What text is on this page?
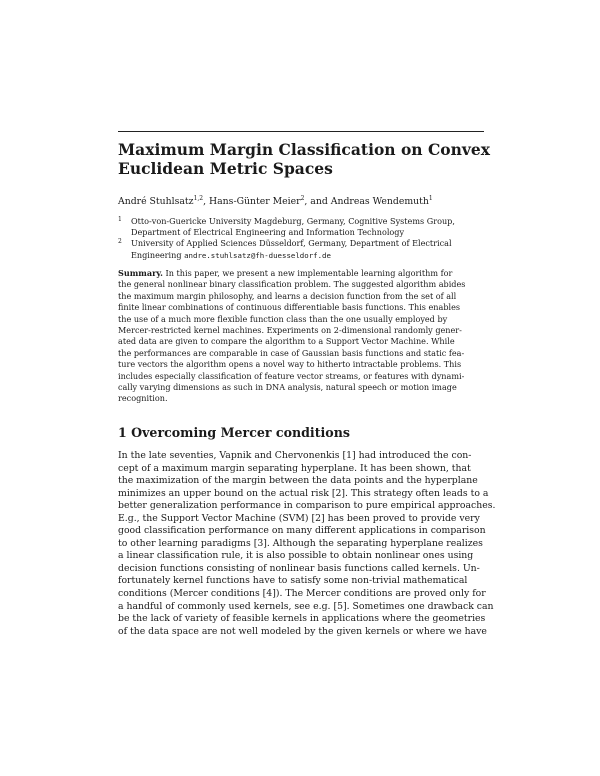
Maximum Margin Classification on Convex
Euclidean Metric Spaces
André Stuhlsatz$^{1,2}$, Hans-Günter Meier$^2$, and Andreas Wendemuth$^1$
1 Otto-von-Guericke University Magdeburg, Germany, Cognitive Systems Group,
Department of Electrical Engineering and Information Technology
2 University of Applied Sciences Düsseldorf, Germany, Department of Electrical
Engineering andre.stuhlsatz@fh-duesseldorf.de
Summary. In this paper, we present a new implementable learning algorithm for
the general nonlinear binary classification problem. The suggested algorithm abides
the maximum margin philosophy, and learns a decision function from the set of all
finite linear combinations of continuous differentiable basis functions. This enables
the use of a much more flexible function class than the one usually employed by
Mercer-restricted kernel machines. Experiments on 2-dimensional randomly gener-
ated data are given to compare the algorithm to a Support Vector Machine. While
the performances are comparable in case of Gaussian basis functions and static fea-
ture vectors the algorithm opens a novel way to hitherto intractable problems. This
includes especially classification of feature vector streams, or features with dynami-
cally varying dimensions as such in DNA analysis, natural speech or motion image
recognition.
1 Overcoming Mercer conditions
In the late seventies, Vapnik and Chervonenkis [1] had introduced the con-
cept of a maximum margin separating hyperplane. It has been shown, that
the maximization of the margin between the data points and the hyperplane
minimizes an upper bound on the actual risk [2]. This strategy often leads to a
better generalization performance in comparison to pure empirical approaches.
E.g., the Support Vector Machine (SVM) [2] has been proved to provide very
good classification performance on many different applications in comparison
to other learning paradigms [3]. Although the separating hyperplane realizes
a linear classification rule, it is also possible to obtain nonlinear ones using
decision functions consisting of nonlinear basis functions called kernels. Un-
fortunately kernel functions have to satisfy some non-trivial mathematical
conditions (Mercer conditions [4]). The Mercer conditions are proved only for
a handful of commonly used kernels, see e.g. [5]. Sometimes one drawback can
be the lack of variety of feasible kernels in applications where the geometries
of the data space are not well modeled by the given kernels or where we have
